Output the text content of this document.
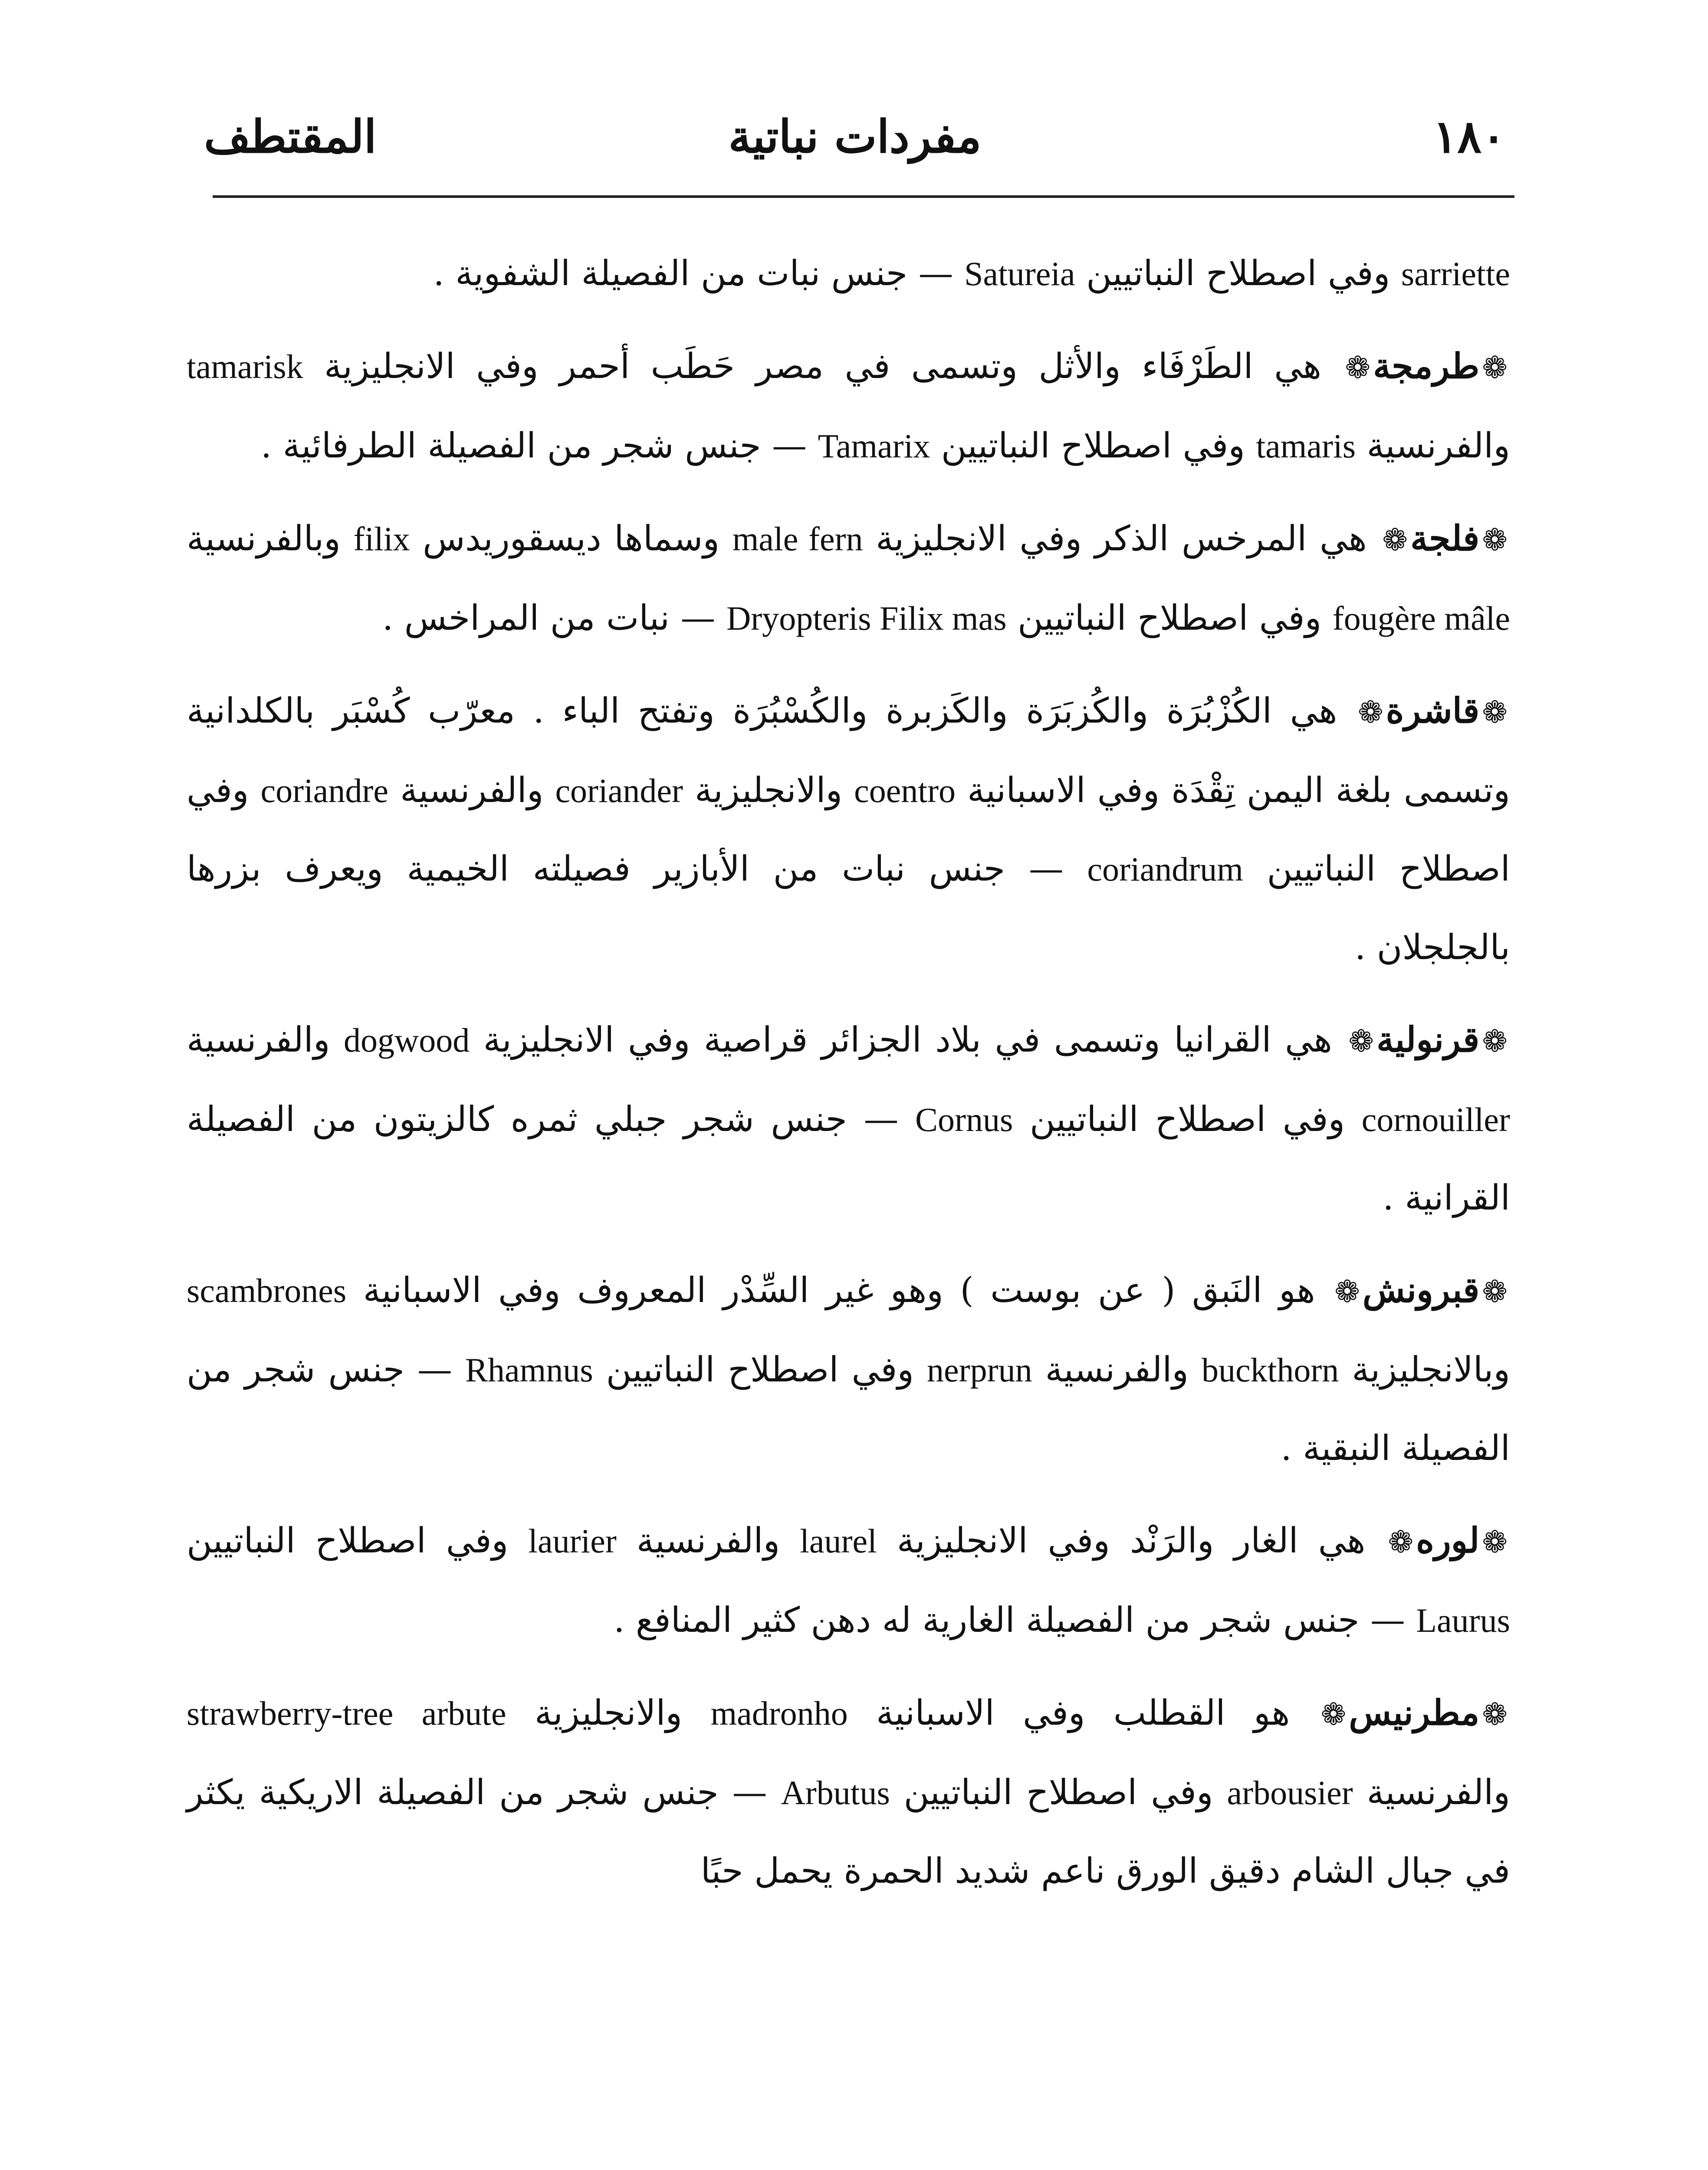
١٨٠
مفردات نباتية
المقتطف

sarriette وفي اصطلاح النباتيين Satureia — جنس نبات من الفصيلة الشفوية .

❁طرمجة❁ هي الطَرْفَاء والأثل وتسمى في مصر حَطَب أحمر وفي الانجليزية tamarisk والفرنسية tamaris وفي اصطلاح النباتيين Tamarix — جنس شجر من الفصيلة الطرفائية .

❁فلجة❁ هي المرخس الذكر وفي الانجليزية male fern وسماها ديسقوريدس filix وبالفرنسية fougère mâle وفي اصطلاح النباتيين Dryopteris Filix mas — نبات من المراخس .

❁قاشرة❁ هي الكُزْبُرَة والكُزبَرَة والكَزبرة والكُسْبُرَة وتفتح الباء . معرّب كُسْبَر بالكلدانية وتسمى بلغة اليمن تِقْدَة وفي الاسبانية coentro والانجليزية coriander والفرنسية coriandre وفي اصطلاح النباتيين coriandrum — جنس نبات من الأبازير فصيلته الخيمية ويعرف بزرها بالجلجلان .

❁قرنولية❁ هي القرانيا وتسمى في بلاد الجزائر قراصية وفي الانجليزية dogwood والفرنسية cornouiller وفي اصطلاح النباتيين Cornus — جنس شجر جبلي ثمره كالزيتون من الفصيلة القرانية .

❁قبرونش❁ هو النَبق ( عن بوست ) وهو غير السِّدْر المعروف وفي الاسبانية scambrones وبالانجليزية buckthorn والفرنسية nerprun وفي اصطلاح النباتيين Rhamnus — جنس شجر من الفصيلة النبقية .

❁لوره❁ هي الغار والرَنْد وفي الانجليزية laurel والفرنسية laurier وفي اصطلاح النباتيين Laurus — جنس شجر من الفصيلة الغارية له دهن كثير المنافع .

❁مطرنيس❁ هو القطلب وفي الاسبانية madronho والانجليزية arbute strawberry-tree والفرنسية arbousier وفي اصطلاح النباتيين Arbutus — جنس شجر من الفصيلة الاريكية يكثر في جبال الشام دقيق الورق ناعم شديد الحمرة يحمل حبًا
